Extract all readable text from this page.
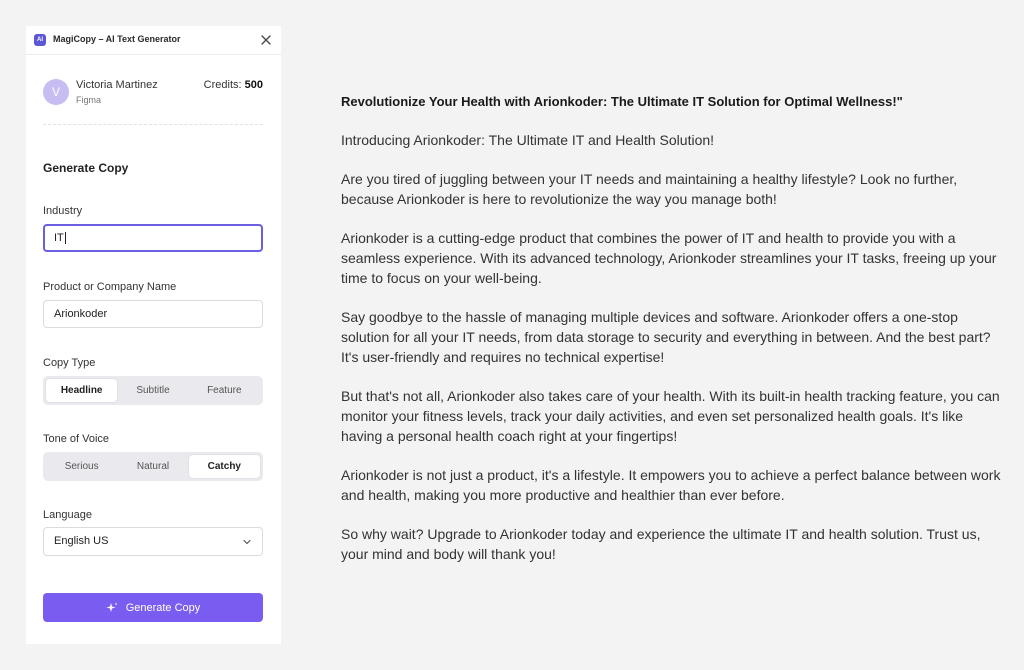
AI	MagiCopy – AI Text Generator
V	Victoria Martinez
Figma
Credits: 500
Generate Copy
Industry
IT
Product or Company Name
Arionkoder
Copy Type
Headline	Subtitle	Feature
Tone of Voice
Serious	Natural	Catchy
Language
English US
Generate Copy
Revolutionize Your Health with Arionkoder: The Ultimate IT Solution for Optimal Wellness!"

Introducing Arionkoder: The Ultimate IT and Health Solution!

Are you tired of juggling between your IT needs and maintaining a healthy lifestyle? Look no further, because Arionkoder is here to revolutionize the way you manage both!

Arionkoder is a cutting-edge product that combines the power of IT and health to provide you with a seamless experience. With its advanced technology, Arionkoder streamlines your IT tasks, freeing up your time to focus on your well-being.

Say goodbye to the hassle of managing multiple devices and software. Arionkoder offers a one-stop solution for all your IT needs, from data storage to security and everything in between. And the best part? It's user-friendly and requires no technical expertise!

But that's not all, Arionkoder also takes care of your health. With its built-in health tracking feature, you can monitor your fitness levels, track your daily activities, and even set personalized health goals. It's like having a personal health coach right at your fingertips!

Arionkoder is not just a product, it's a lifestyle. It empowers you to achieve a perfect balance between work and health, making you more productive and healthier than ever before.

So why wait? Upgrade to Arionkoder today and experience the ultimate IT and health solution. Trust us, your mind and body will thank you!
